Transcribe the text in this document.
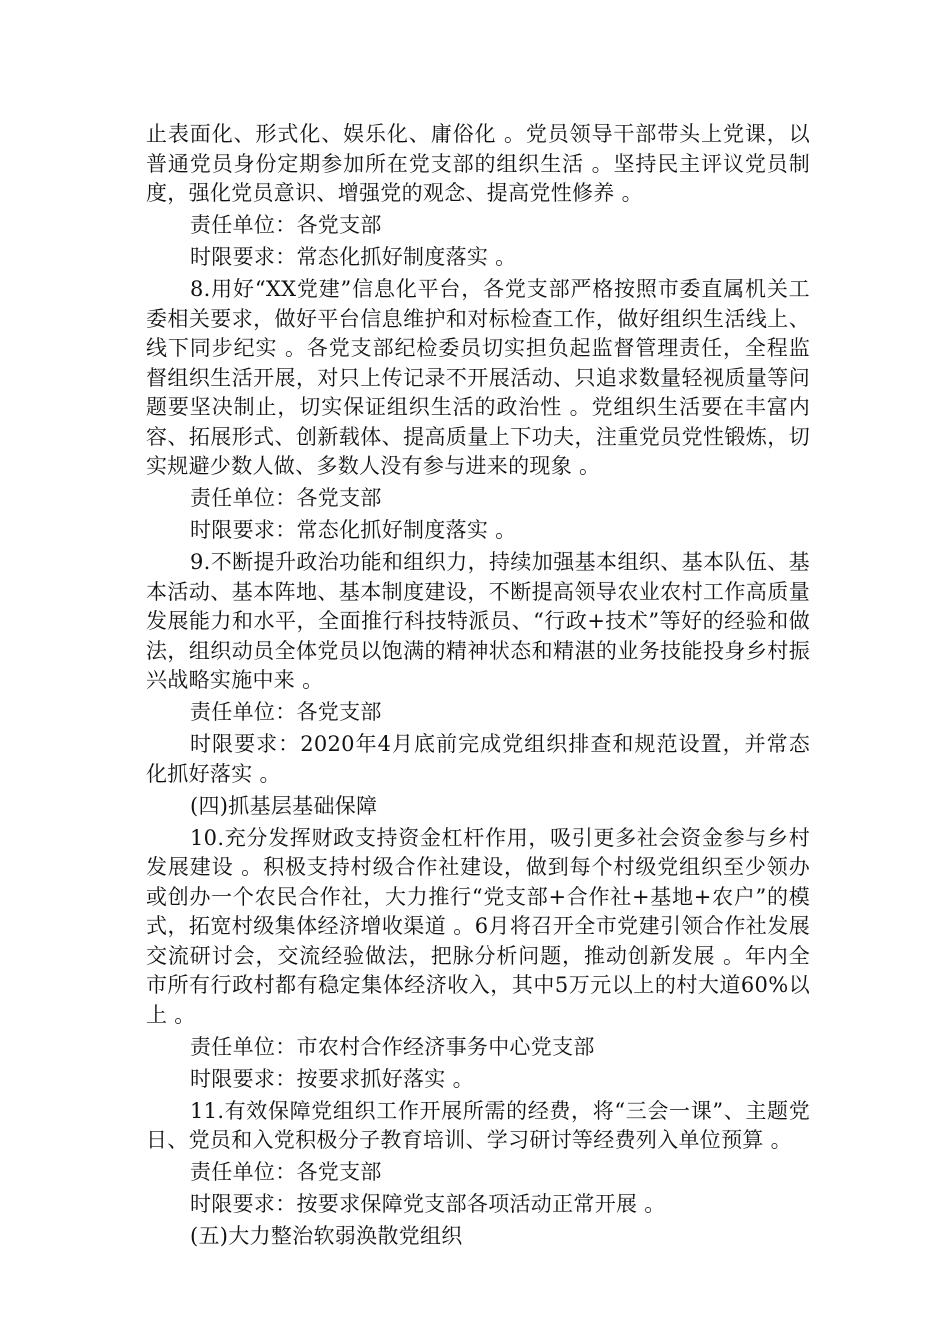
止表面化、形式化、娱乐化、庸俗化 。党员领导干部带头上党课，以普通党员身份定期参加所在党支部的组织生活 。坚持民主评议党员制度，强化党员意识、增强党的观念、提高党性修养 。

责任单位：各党支部

时限要求：常态化抓好制度落实 。

8.用好“XX党建”信息化平台，各党支部严格按照市委直属机关工委相关要求，做好平台信息维护和对标检查工作，做好组织生活线上、线下同步纪实 。各党支部纪检委员切实担负起监督管理责任，全程监督组织生活开展，对只上传记录不开展活动、只追求数量轻视质量等问题要坚决制止，切实保证组织生活的政治性 。党组织生活要在丰富内容、拓展形式、创新载体、提高质量上下功夫，注重党员党性锻炼，切实规避少数人做、多数人没有参与进来的现象 。

责任单位：各党支部

时限要求：常态化抓好制度落实 。

9.不断提升政治功能和组织力，持续加强基本组织、基本队伍、基本活动、基本阵地、基本制度建设，不断提高领导农业农村工作高质量发展能力和水平，全面推行科技特派员、“行政+技术”等好的经验和做法，组织动员全体党员以饱满的精神状态和精湛的业务技能投身乡村振兴战略实施中来 。

责任单位：各党支部

时限要求：2020年4月底前完成党组织排查和规范设置，并常态化抓好落实 。

(四)抓基层基础保障

10.充分发挥财政支持资金杠杆作用，吸引更多社会资金参与乡村发展建设 。积极支持村级合作社建设，做到每个村级党组织至少领办或创办一个农民合作社，大力推行“党支部+合作社+基地+农户”的模式，拓宽村级集体经济增收渠道 。6月将召开全市党建引领合作社发展交流研讨会，交流经验做法，把脉分析问题，推动创新发展 。年内全市所有行政村都有稳定集体经济收入，其中5万元以上的村大道60%以上 。

责任单位：市农村合作经济事务中心党支部

时限要求：按要求抓好落实 。

11.有效保障党组织工作开展所需的经费，将“三会一课”、主题党日、党员和入党积极分子教育培训、学习研讨等经费列入单位预算 。

责任单位：各党支部

时限要求：按要求保障党支部各项活动正常开展 。

(五)大力整治软弱涣散党组织
